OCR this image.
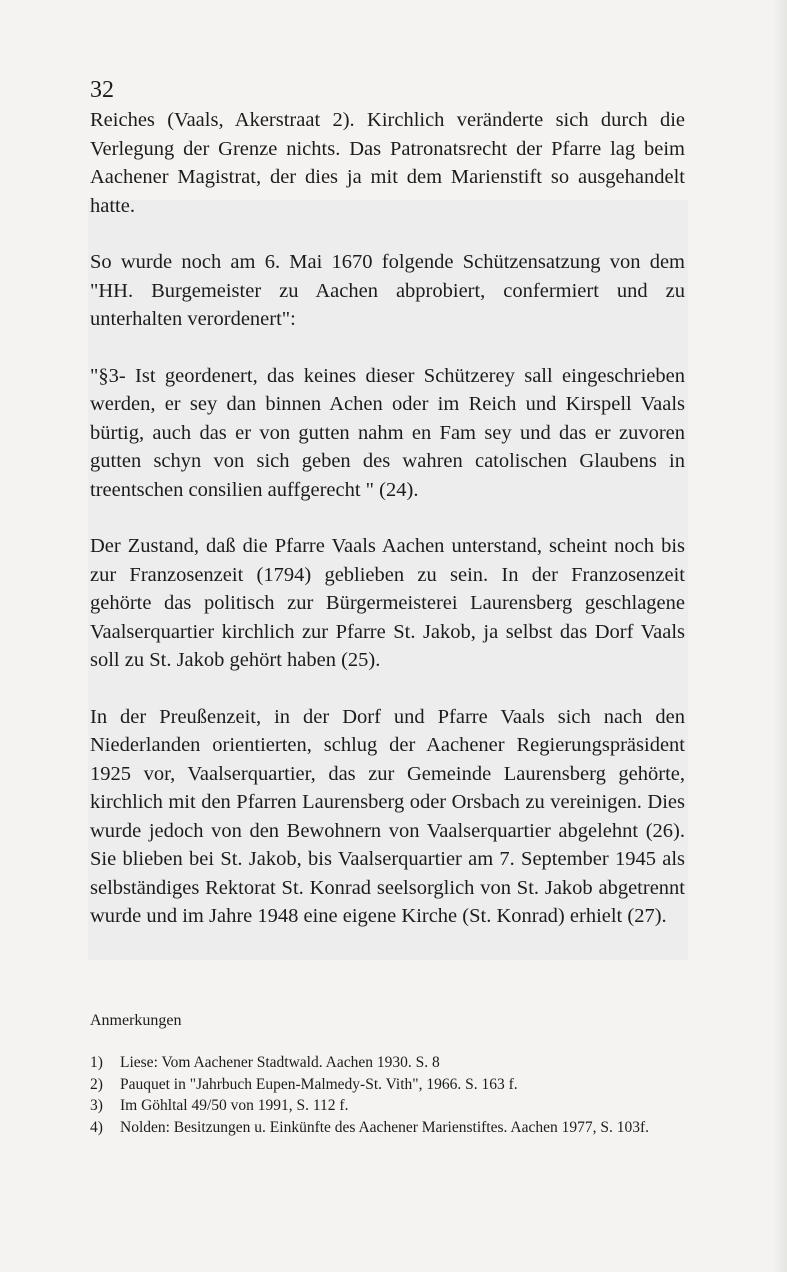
32

Reiches (Vaals, Akerstraat 2). Kirchlich veränderte sich durch die Verlegung der Grenze nichts. Das Patronatsrecht der Pfarre lag beim Aachener Magistrat, der dies ja mit dem Marienstift so ausgehandelt hatte.

So wurde noch am 6. Mai 1670 folgende Schützensatzung von dem "HH. Burgemeister zu Aachen abprobiert, confermiert und zu unterhalten verordenert":

"§3- Ist geordenert, das keines dieser Schützerey sall eingeschrieben werden, er sey dan binnen Achen oder im Reich und Kirspell Vaals bürtig, auch das er von gutten nahm en Fam sey und das er zuvoren gutten schyn von sich geben des wahren catolischen Glaubens in treentschen consilien auffgerecht " (24).

Der Zustand, daß die Pfarre Vaals Aachen unterstand, scheint noch bis zur Franzosenzeit (1794) geblieben zu sein. In der Franzosenzeit gehörte das politisch zur Bürgermeisterei Laurensberg geschlagene Vaalserquartier kirchlich zur Pfarre St. Jakob, ja selbst das Dorf Vaals soll zu St. Jakob gehört haben (25).

In der Preußenzeit, in der Dorf und Pfarre Vaals sich nach den Niederlanden orientierten, schlug der Aachener Regierungspräsident 1925 vor, Vaalserquartier, das zur Gemeinde Laurensberg gehörte, kirchlich mit den Pfarren Laurensberg oder Orsbach zu vereinigen. Dies wurde jedoch von den Bewohnern von Vaalserquartier abgelehnt (26). Sie blieben bei St. Jakob, bis Vaalserquartier am 7. September 1945 als selbständiges Rektorat St. Konrad seelsorglich von St. Jakob abgetrennt wurde und im Jahre 1948 eine eigene Kirche (St. Konrad) erhielt (27).

Anmerkungen

1)	Liese: Vom Aachener Stadtwald. Aachen 1930. S. 8
2)	Pauquet in "Jahrbuch Eupen-Malmedy-St. Vith", 1966. S. 163 f.
3)	Im Göhltal 49/50 von 1991, S. 112 f.
4)	Nolden: Besitzungen u. Einkünfte des Aachener Marienstiftes. Aachen 1977, S. 103f.
